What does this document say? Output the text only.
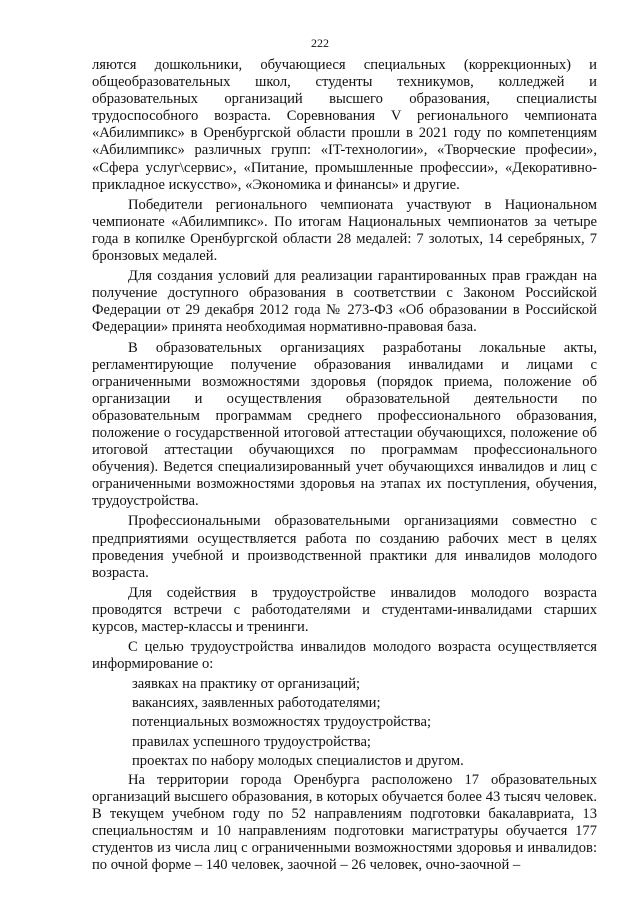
222

ляются дошкольники, обучающиеся специальных (коррекционных) и общеобразовательных школ, студенты техникумов, колледжей и образовательных организаций высшего образования, специалисты трудоспособного возраста. Соревнования V регионального чемпионата «Абилимпикс» в Оренбургской области прошли в 2021 году по компетенциям «Абилимпикс» различных групп: «IT-технологии», «Творческие професии», «Сфера услуг\сервис», «Питание, промышленные профессии», «Декоративно-прикладное искусство», «Экономика и финансы» и другие.

Победители регионального чемпионата участвуют в Национальном чемпионате «Абилимпикс». По итогам Национальных чемпионатов за четыре года в копилке Оренбургской области 28 медалей: 7 золотых, 14 серебряных, 7 бронзовых медалей.

Для создания условий для реализации гарантированных прав граждан на получение доступного образования в соответствии с Законом Российской Федерации от 29 декабря 2012 года № 273-ФЗ «Об образовании в Российской Федерации» принята необходимая нормативно-правовая база.

В образовательных организациях разработаны локальные акты, регламентирующие получение образования инвалидами и лицами с ограниченными возможностями здоровья (порядок приема, положение об организации и осуществления образовательной деятельности по образовательным программам среднего профессионального образования, положение о государственной итоговой аттестации обучающихся, положение об итоговой аттестации обучающихся по программам профессионального обучения). Ведется специализированный учет обучающихся инвалидов и лиц с ограниченными возможностями здоровья на этапах их поступления, обучения, трудоустройства.

Профессиональными образовательными организациями совместно с предприятиями осуществляется работа по созданию рабочих мест в целях проведения учебной и производственной практики для инвалидов молодого возраста.

Для содействия в трудоустройстве инвалидов молодого возраста проводятся встречи с работодателями и студентами-инвалидами старших курсов, мастер-классы и тренинги.

С целью трудоустройства инвалидов молодого возраста осуществляется информирование о:

заявках на практику от организаций;
вакансиях, заявленных работодателями;
потенциальных возможностях трудоустройства;
правилах успешного трудоустройства;
проектах по набору молодых специалистов и другом.

На территории города Оренбурга расположено 17 образовательных организаций высшего образования, в которых обучается более 43 тысяч человек. В текущем учебном году по 52 направлениям подготовки бакалавриата, 13 специальностям и 10 направлениям подготовки магистратуры обучается 177 студентов из числа лиц с ограниченными возможностями здоровья и инвалидов: по очной форме – 140 человек, заочной – 26 человек, очно-заочной –
